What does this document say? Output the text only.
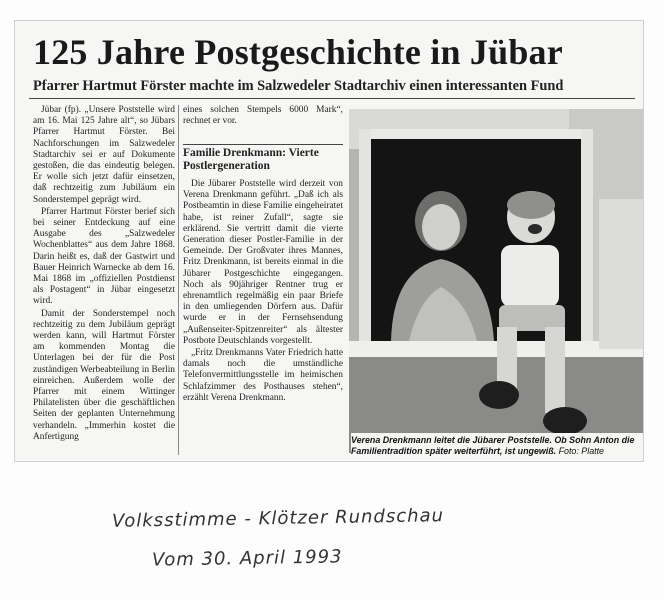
125 Jahre Postgeschichte in Jübar
Pfarrer Hartmut Förster machte im Salzwedeler Stadtarchiv einen interessanten Fund

Jübar (fp). „Unsere Poststelle wird am 16. Mai 125 Jahre alt“, so Jübars Pfarrer Hartmut Förster. Bei Nachforschungen im Salzwedeler Stadtarchiv sei er auf Dokumente gestoßen, die das eindeutig belegen. Er wolle sich jetzt dafür einsetzen, daß rechtzeitig zum Jubiläum ein Sonderstempel geprägt wird.

Pfarrer Hartmut Förster berief sich bei seiner Entdeckung auf eine Ausgabe des „Salzwedeler Wochenblattes“ aus dem Jahre 1868. Darin heißt es, daß der Gastwirt und Bauer Heinrich Warnecke ab dem 16. Mai 1868 im „offiziellen Postdienst als Postagent“ in Jübar eingesetzt wird.

Damit der Sonderstempel noch rechtzeitig zu dem Jubiläum geprägt werden kann, will Hartmut Förster am kommenden Montag die Unterlagen bei der für die Post zuständigen Werbeabteilung in Berlin einreichen. Außerdem wolle der Pfarrer mit einem Wittinger Philatelisten über die geschäftlichen Seiten der geplanten Unternehmung verhandeln. „Immerhin kostet die Anfertigung

eines solchen Stempels 6000 Mark“, rechnet er vor.

Familie Drenkmann: Vierte Postlergeneration

Die Jübarer Poststelle wird derzeit von Verena Drenkmann geführt. „Daß ich als Postbeamtin in diese Familie eingeheiratet habe, ist reiner Zufall“, sagte sie erklärend. Sie vertritt damit die vierte Generation dieser Postler-Familie in der Gemeinde. Der Großvater ihres Mannes, Fritz Drenkmann, ist bereits einmal in die Jübarer Postgeschichte eingegangen. Noch als 90jähriger Rentner trug er ehrenamtlich regelmäßig ein paar Briefe in den umliegenden Dörfern aus. Dafür wurde er in der Fernsehsendung „Außenseiter-Spitzenreiter“ als ältester Postbote Deutschlands vorgestellt.

„Fritz Drenkmanns Vater Friedrich hatte damals noch die umständliche Telefonvermittlungsstelle im heimischen Schlafzimmer des Posthauses stehen“, erzählt Verena Drenkmann.

Verena Drenkmann leitet die Jübarer Poststelle. Ob Sohn Anton die Familientradition später weiterführt, ist ungewiß. Foto: Platte
Volksstimme - Klötzer Rundschau
Vom 30. April 1993
